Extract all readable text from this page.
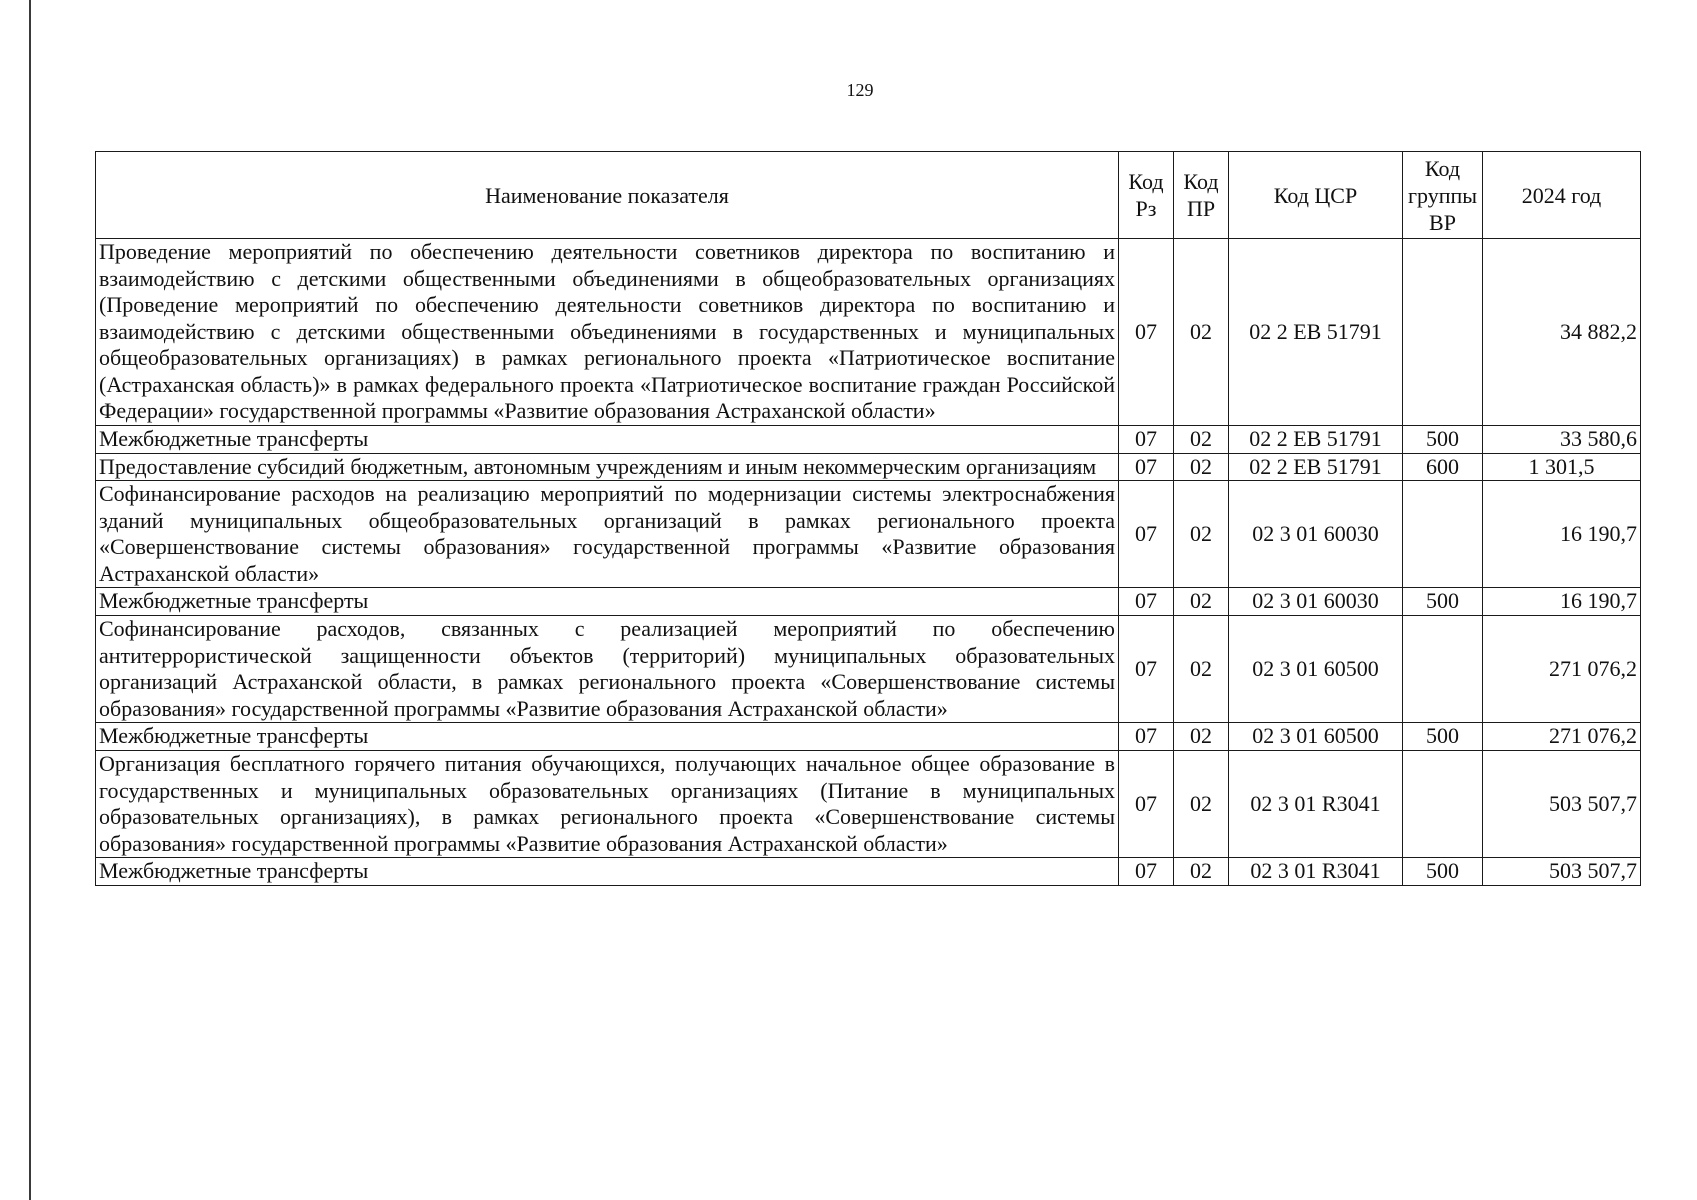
129
Наименование показателя	Код Рз	Код ПР	Код ЦСР	Код группы ВР	2024 год
Проведение мероприятий по обеспечению деятельности советников директора по воспитанию и взаимодействию с детскими общественными объединениями в общеобразовательных организациях (Проведение мероприятий по обеспечению деятельности советников директора по воспитанию и взаимодействию с детскими общественными объединениями в государственных и муниципальных общеобразовательных организациях) в рамках регионального проекта «Патриотическое воспитание (Астраханская область)» в рамках федерального проекта «Патриотическое воспитание граждан Российской Федерации» государственной программы «Развитие образования Астраханской области»	07	02	02 2 ЕВ 51791		34 882,2
Межбюджетные трансферты	07	02	02 2 ЕВ 51791	500	33 580,6
Предоставление субсидий бюджетным, автономным учреждениям и иным некоммерческим организациям	07	02	02 2 ЕВ 51791	600	1 301,5
Софинансирование расходов на реализацию мероприятий по модернизации системы электроснабжения зданий муниципальных общеобразовательных организаций в рамках регионального проекта «Совершенствование системы образования» государственной программы «Развитие образования Астраханской области»	07	02	02 3 01 60030		16 190,7
Межбюджетные трансферты	07	02	02 3 01 60030	500	16 190,7
Софинансирование расходов, связанных с реализацией мероприятий по обеспечению антитеррористической защищенности объектов (территорий) муниципальных образовательных организаций Астраханской области, в рамках регионального проекта «Совершенствование системы образования» государственной программы «Развитие образования Астраханской области»	07	02	02 3 01 60500		271 076,2
Межбюджетные трансферты	07	02	02 3 01 60500	500	271 076,2
Организация бесплатного горячего питания обучающихся, получающих начальное общее образование в государственных и муниципальных образовательных организациях (Питание в муниципальных образовательных организациях), в рамках регионального проекта «Совершенствование системы образования» государственной программы «Развитие образования Астраханской области»	07	02	02 3 01 R3041		503 507,7
Межбюджетные трансферты	07	02	02 3 01 R3041	500	503 507,7
